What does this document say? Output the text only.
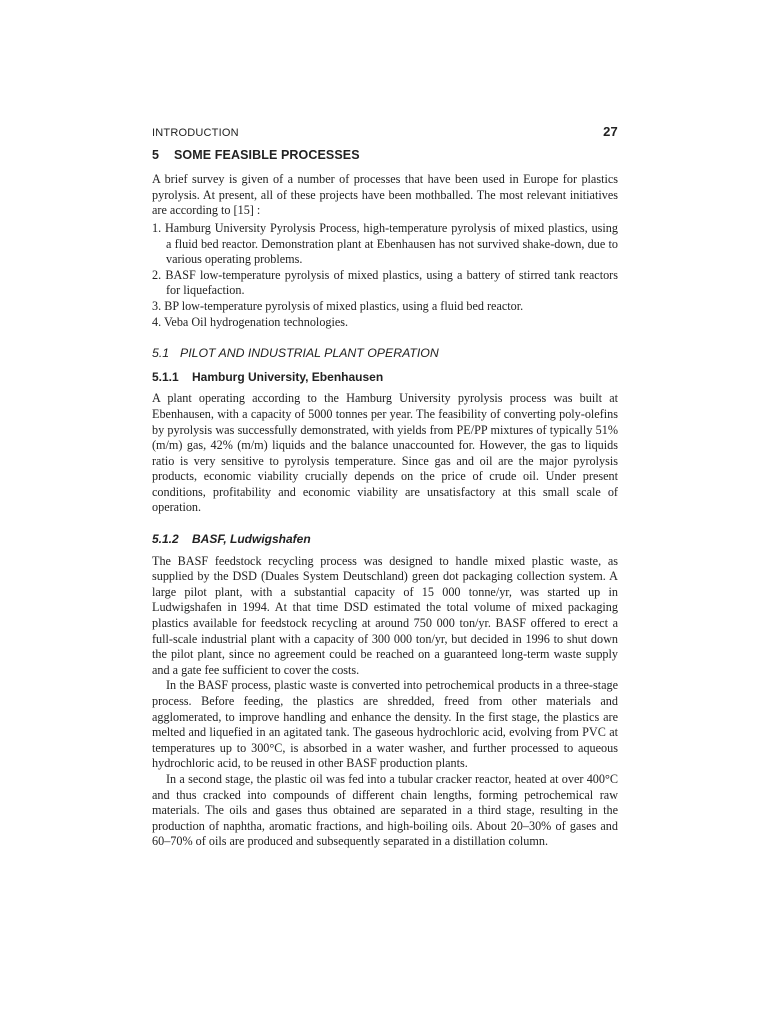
INTRODUCTION	27
5 SOME FEASIBLE PROCESSES

A brief survey is given of a number of processes that have been used in Europe for plastics pyrolysis. At present, all of these projects have been mothballed. The most relevant initiatives are according to [15] :

1. Hamburg University Pyrolysis Process, high-temperature pyrolysis of mixed plastics, using a fluid bed reactor. Demonstration plant at Ebenhausen has not survived shake-down, due to various operating problems.
2. BASF low-temperature pyrolysis of mixed plastics, using a battery of stirred tank reactors for liquefaction.
3. BP low-temperature pyrolysis of mixed plastics, using a fluid bed reactor.
4. Veba Oil hydrogenation technologies.
5.1 PILOT AND INDUSTRIAL PLANT OPERATION
5.1.1 Hamburg University, Ebenhausen

A plant operating according to the Hamburg University pyrolysis process was built at Ebenhausen, with a capacity of 5000 tonnes per year. The feasibility of converting poly-olefins by pyrolysis was successfully demonstrated, with yields from PE/PP mixtures of typically 51% (m/m) gas, 42% (m/m) liquids and the balance unaccounted for. However, the gas to liquids ratio is very sensitive to pyrolysis temperature. Since gas and oil are the major pyrolysis products, economic viability crucially depends on the price of crude oil. Under present conditions, profitability and economic viability are unsatisfactory at this small scale of operation.

5.1.2 BASF, Ludwigshafen

The BASF feedstock recycling process was designed to handle mixed plastic waste, as supplied by the DSD (Duales System Deutschland) green dot packaging collection system. A large pilot plant, with a substantial capacity of 15 000 tonne/yr, was started up in Ludwigshafen in 1994. At that time DSD estimated the total volume of mixed packaging plastics available for feedstock recycling at around 750 000 ton/yr. BASF offered to erect a full-scale industrial plant with a capacity of 300 000 ton/yr, but decided in 1996 to shut down the pilot plant, since no agreement could be reached on a guaranteed long-term waste supply and a gate fee sufficient to cover the costs.

In the BASF process, plastic waste is converted into petrochemical products in a three-stage process. Before feeding, the plastics are shredded, freed from other materials and agglomerated, to improve handling and enhance the density. In the first stage, the plastics are melted and liquefied in an agitated tank. The gaseous hydrochloric acid, evolving from PVC at temperatures up to 300°C, is absorbed in a water washer, and further processed to aqueous hydrochloric acid, to be reused in other BASF production plants.

In a second stage, the plastic oil was fed into a tubular cracker reactor, heated at over 400°C and thus cracked into compounds of different chain lengths, forming petrochemical raw materials. The oils and gases thus obtained are separated in a third stage, resulting in the production of naphtha, aromatic fractions, and high-boiling oils. About 20–30% of gases and 60–70% of oils are produced and subsequently separated in a distillation column.
